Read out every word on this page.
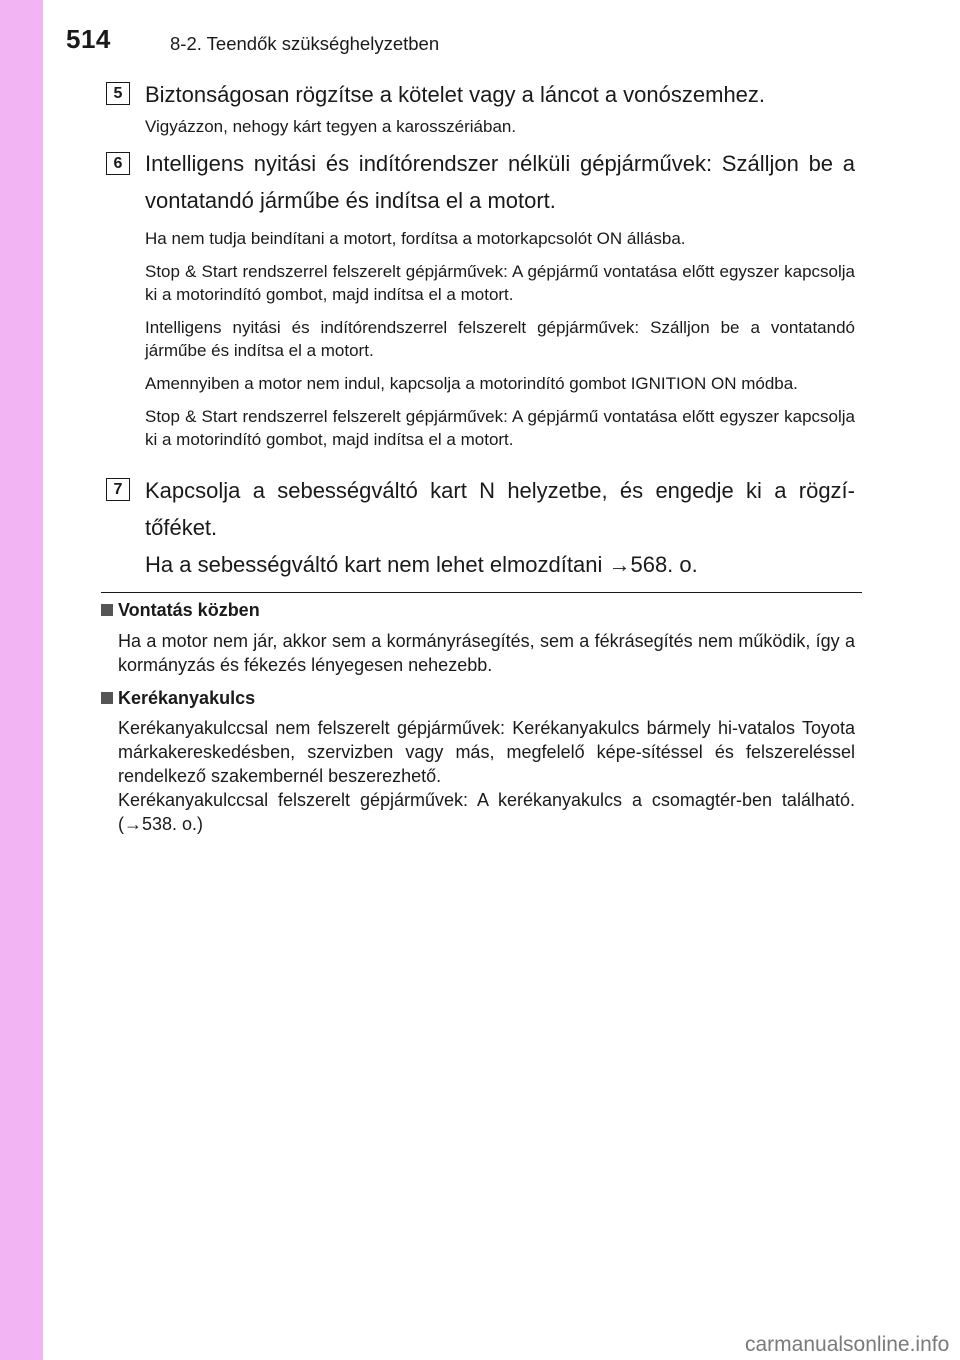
514	8-2. Teendők szükséghelyzetben
5	Biztonságosan rögzítse a kötelet vagy a láncot a vonószemhez.
Vigyázzon, nehogy kárt tegyen a karosszériában.
6	Intelligens nyitási és indítórendszer nélküli gépjárművek: Szálljon be a vontatandó járműbe és indítsa el a motort.
Ha nem tudja beindítani a motort, fordítsa a motorkapcsolót ON állásba.
Stop & Start rendszerrel felszerelt gépjárművek: A gépjármű vontatása előtt egyszer kapcsolja ki a motorindító gombot, majd indítsa el a motort.
Intelligens nyitási és indítórendszerrel felszerelt gépjárművek: Szálljon be a vontatandó járműbe és indítsa el a motort.
Amennyiben a motor nem indul, kapcsolja a motorindító gombot IGNITION ON módba.
Stop & Start rendszerrel felszerelt gépjárművek: A gépjármű vontatása előtt egyszer kapcsolja ki a motorindító gombot, majd indítsa el a motort.
7	Kapcsolja a sebességváltó kart N helyzetbe, és engedje ki a rögzí-tőféket.
Ha a sebességváltó kart nem lehet elmozdítani →568. o.
Vontatás közben
Ha a motor nem jár, akkor sem a kormányrásegítés, sem a fékrásegítés nem működik, így a kormányzás és fékezés lényegesen nehezebb.
Kerékanyakulcs
Kerékanyakulccsal nem felszerelt gépjárművek: Kerékanyakulcs bármely hi-vatalos Toyota márkakereskedésben, szervizben vagy más, megfelelő képe-sítéssel és felszereléssel rendelkező szakembernél beszerezhető.
Kerékanyakulccsal felszerelt gépjárművek: A kerékanyakulcs a csomagtér-ben található. (→538. o.)
carmanualsonline.info
